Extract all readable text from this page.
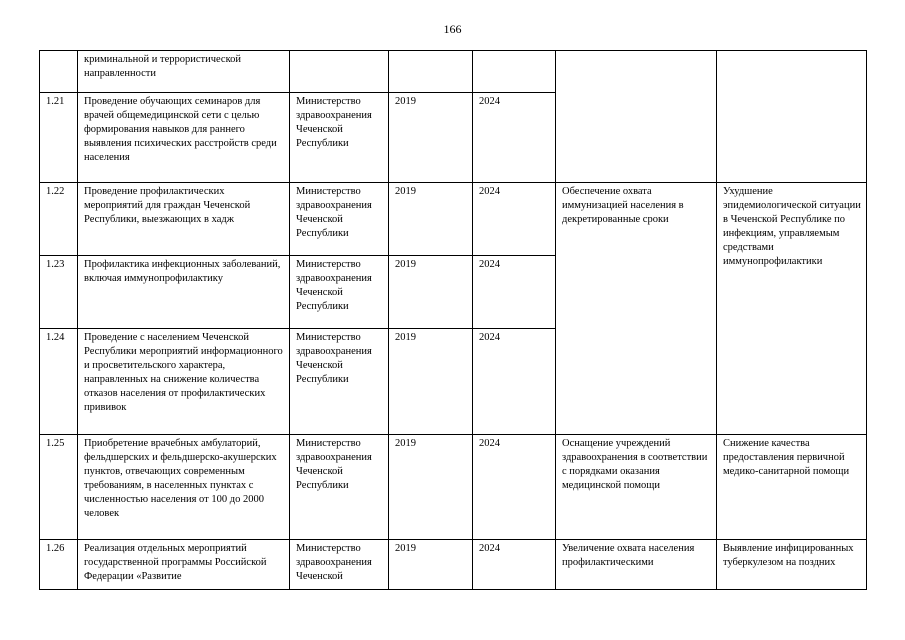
166
	криминальной и террористической направленности					
1.21	Проведение обучающих семинаров для врачей общемедицинской сети с целью формирования навыков для раннего выявления психических расстройств среди населения	Министерство здравоохранения Чеченской Республики	2019	2024		
1.22	Проведение профилактических мероприятий для граждан Чеченской Республики, выезжающих в хадж	Министерство здравоохранения Чеченской Республики	2019	2024	Обеспечение охвата иммунизацией населения в декретированные сроки	Ухудшение эпидемиологической ситуации в Чеченской Республике по инфекциям, управляемым средствами иммунопрофилактики
1.23	Профилактика инфекционных заболеваний, включая иммунопрофилактику	Министерство здравоохранения Чеченской Республики	2019	2024		
1.24	Проведение с населением Чеченской Республики мероприятий информационного и просветительского характера, направленных на снижение количества отказов населения от профилактических прививок	Министерство здравоохранения Чеченской Республики	2019	2024		
1.25	Приобретение врачебных амбулаторий, фельдшерских и фельдшерско-акушерских пунктов, отвечающих современным требованиям, в населенных пунктах с численностью населения от 100 до 2000 человек	Министерство здравоохранения Чеченской Республики	2019	2024	Оснащение учреждений здравоохранения в соответствии с порядками оказания медицинской помощи	Снижение качества предоставления первичной медико-санитарной помощи
1.26	Реализация отдельных мероприятий государственной программы Российской Федерации «Развитие	Министерство здравоохранения Чеченской	2019	2024	Увеличение охвата населения профилактическими	Выявление инфицированных туберкулезом на поздних
